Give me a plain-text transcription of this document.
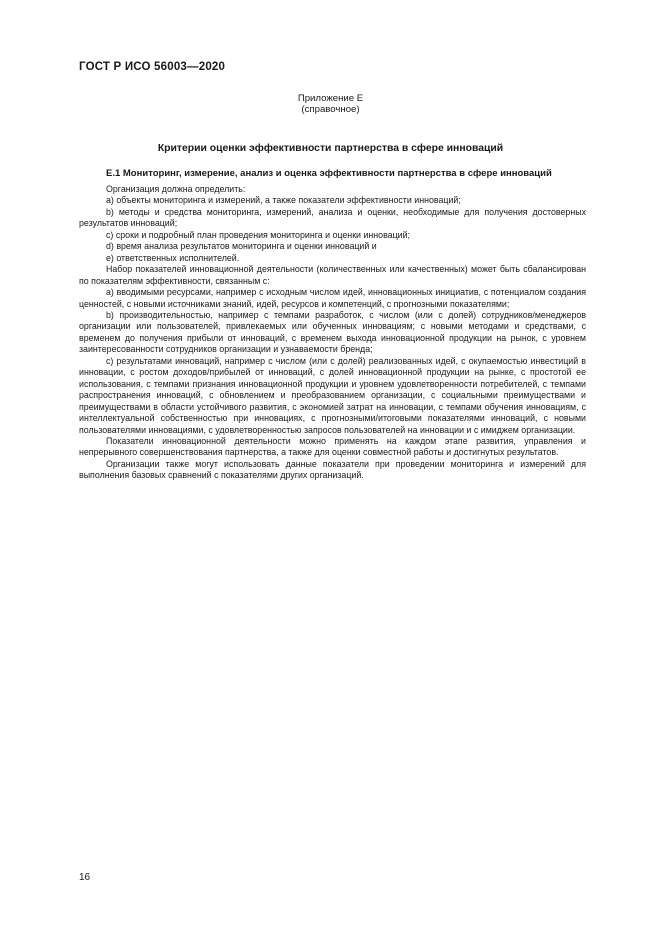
ГОСТ Р ИСО 56003—2020
Приложение Е
(справочное)
Критерии оценки эффективности партнерства в сфере инноваций
Е.1 Мониторинг, измерение, анализ и оценка эффективности партнерства в сфере инноваций

Организация должна определить:

а) объекты мониторинга и измерений, а также показатели эффективности инноваций;

b) методы и средства мониторинга, измерений, анализа и оценки, необходимые для получения достоверных результатов инноваций;

с) сроки и подробный план проведения мониторинга и оценки инноваций;

d) время анализа результатов мониторинга и оценки инноваций и

е) ответственных исполнителей.

Набор показателей инновационной деятельности (количественных или качественных) может быть сбалансирован по показателям эффективности, связанным с:

а) вводимыми ресурсами, например с исходным числом идей, инновационных инициатив, с потенциалом создания ценностей, с новыми источниками знаний, идей, ресурсов и компетенций, с прогнозными показателями;

b) производительностью, например с темпами разработок, с числом (или с долей) сотрудников/менеджеров организации или пользователей, привлекаемых или обученных инновациям; с новыми методами и средствами, с временем до получения прибыли от инноваций, с временем выхода инновационной продукции на рынок, с уровнем заинтересованности сотрудников организации и узнаваемости бренда;

с) результатами инноваций, например с числом (или с долей) реализованных идей, с окупаемостью инвестиций в инновации, с ростом доходов/прибылей от инноваций, с долей инновационной продукции на рынке, с простотой ее использования, с темпами признания инновационной продукции и уровнем удовлетворенности потребителей, с темпами распространения инноваций, с обновлением и преобразованием организации, с социальными преимуществами и преимуществами в области устойчивого развития, с экономией затрат на инновации, с темпами обучения инновациям, с интеллектуальной собственностью при инновациях, с прогнозными/итоговыми показателями инноваций, с новыми пользователями инновациями, с удовлетворенностью запросов пользователей на инновации и с имиджем организации.

Показатели инновационной деятельности можно применять на каждом этапе развития, управления и непрерывного совершенствования партнерства, а также для оценки совместной работы и достигнутых результатов.

Организации также могут использовать данные показатели при проведении мониторинга и измерений для выполнения базовых сравнений с показателями других организаций.

16
